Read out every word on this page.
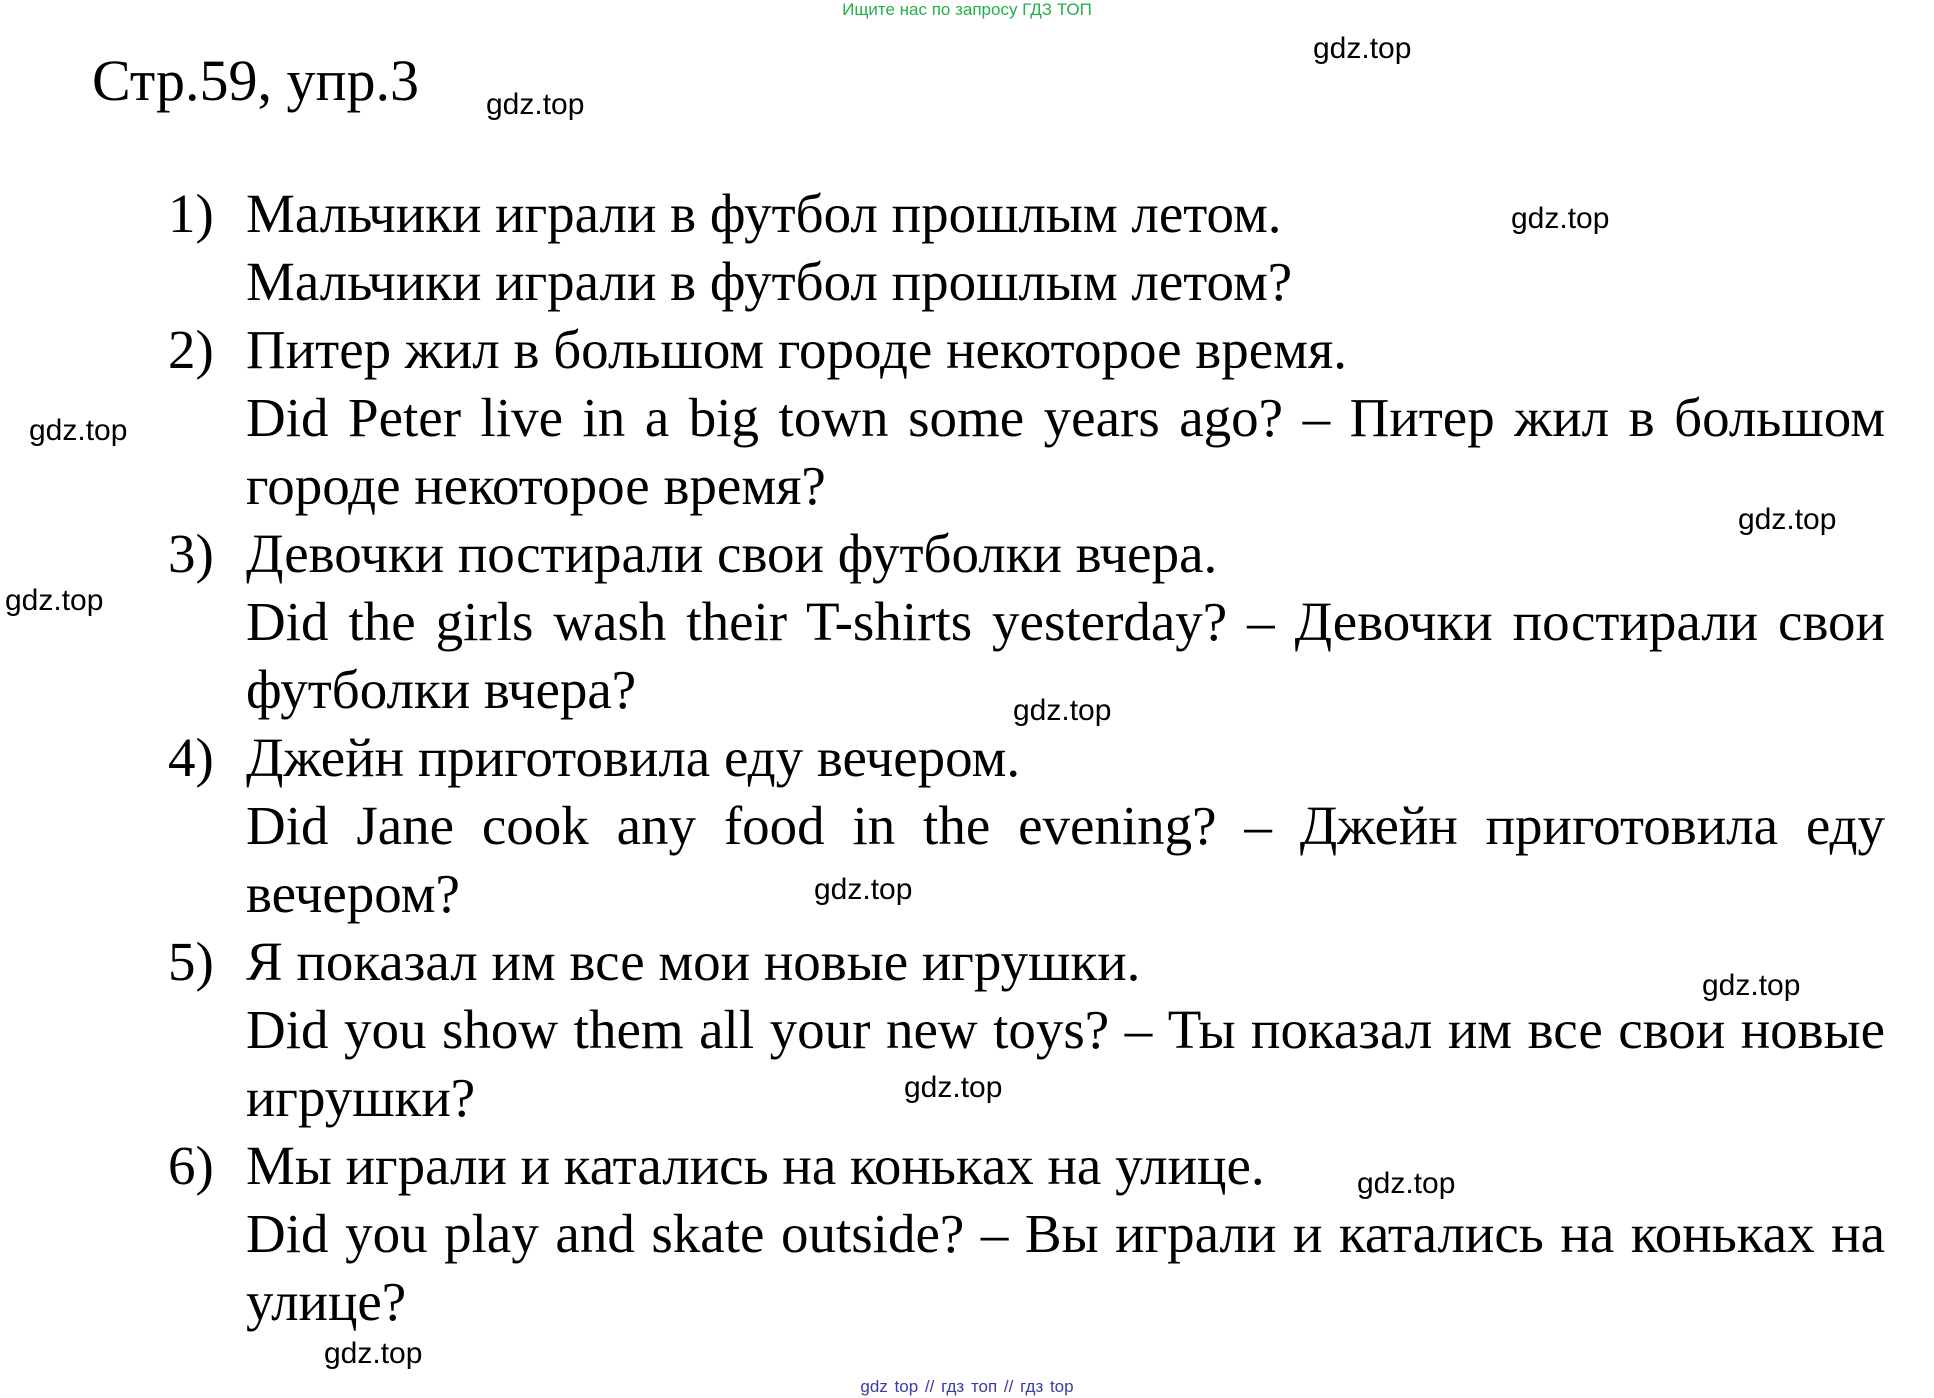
Ищите нас по запросу ГДЗ ТОП
Стр.59, упр.3
1) Мальчики играли в футбол прошлым летом.
Мальчики играли в футбол прошлым летом?
2) Питер жил в большом городе некоторое время.
Did Peter live in a big town some years ago? – Питер жил в большом городе некоторое время?
3) Девочки постирали свои футболки вчера.
Did the girls wash their T-shirts yesterday? – Девочки постирали свои футболки вчера?
4) Джейн приготовила еду вечером.
Did Jane cook any food in the evening? – Джейн приготовила еду вечером?
5) Я показал им все мои новые игрушки.
Did you show them all your new toys? – Ты показал им все свои новые игрушки?
6) Мы играли и катались на коньках на улице.
Did you play and skate outside? – Вы играли и катались на коньках на улице?
gdz.top
gdz.top
gdz.top
gdz.top
gdz.top
gdz.top
gdz.top
gdz.top
gdz.top
gdz.top
gdz.top
gdz.top
gdz top // гдз топ // гдз top
